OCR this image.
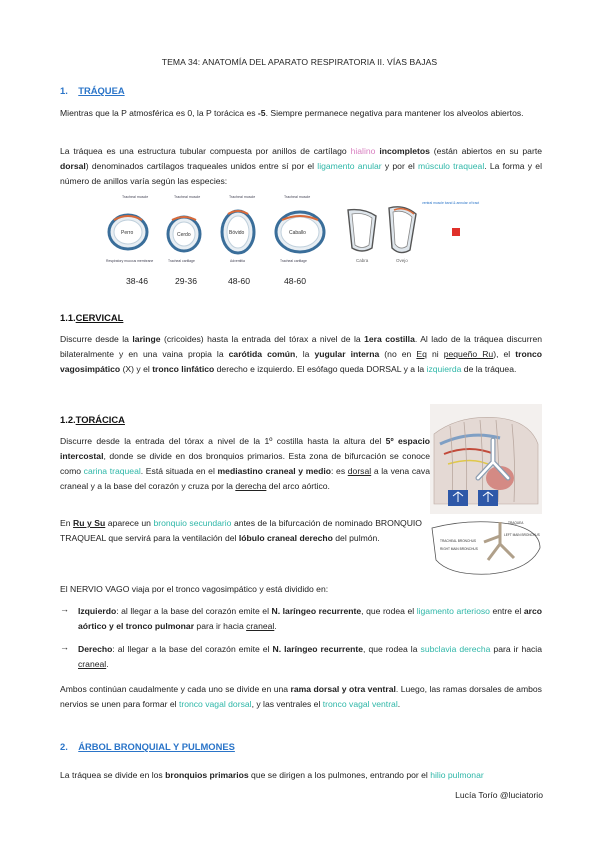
TEMA 34: ANATOMÍA DEL APARATO RESPIRATORIA II. VÍAS BAJAS
1. TRÁQUEA
Mientras que la P atmosférica es 0, la P torácica es -5. Siempre permanece negativa para mantener los alveolos abiertos.
La tráquea es una estructura tubular compuesta por anillos de cartílago hialino incompletos (están abiertos en su parte dorsal) denominados cartílagos traqueales unidos entre sí por el ligamento anular y por el músculo traqueal. La forma y el número de anillos varía según las especies:
Tracheal muscle	Tracheal muscle	Tracheal muscle	Tracheal muscle
Perro	Cerdo	Bóvido	Caballo
Cabra	Ovejo
ventral muscle band & annular of tract
Respiratory mucous membrane	Tracheal cartilage	Adventitia	Tracheal cartilage
38-46	29-36	48-60	48-60
1.1.CERVICAL
Discurre desde la laringe (cricoides) hasta la entrada del tórax a nivel de la 1era costilla. Al lado de la tráquea discurren bilateralmente y en una vaina propia la carótida común, la yugular interna (no en Eq ni pequeño Ru), el tronco vagosimpático (X) y el tronco linfático derecho e izquierdo. El esófago queda DORSAL y a la izquierda de la tráquea.
1.2.TORÁCICA
Discurre desde la entrada del tórax a nivel de la 1º costilla hasta la altura del 5º espacio intercostal, donde se divide en dos bronquios primarios. Esta zona de bifurcación se conoce como carina traqueal. Está situada en el mediastino craneal y medio: es dorsal a la vena cava craneal y a la base del corazón y cruza por la derecha del arco aórtico.
En Ru y Su aparece un bronquio secundario antes de la bifurcación de nominado BRONQUIO TRAQUEAL que servirá para la ventilación del lóbulo craneal derecho del pulmón.
TRAQUEA
LEFT MAIN BRONCHUS
TRACHEAL BRONCHUS
RIGHT MAIN BRONCHUS
El NERVIO VAGO viaja por el tronco vagosimpático y está dividido en:
→ Izquierdo: al llegar a la base del corazón emite el N. laríngeo recurrente, que rodea el ligamento arterioso entre el arco aórtico y el tronco pulmonar para ir hacia craneal.
→ Derecho: al llegar a la base del corazón emite el N. laríngeo recurrente, que rodea la subclavia derecha para ir hacia craneal.
Ambos continúan caudalmente y cada uno se divide en una rama dorsal y otra ventral. Luego, las ramas dorsales de ambos nervios se unen para formar el tronco vagal dorsal, y las ventrales el tronco vagal ventral.
2. ÁRBOL BRONQUIAL Y PULMONES
La tráquea se divide en los bronquios primarios que se dirigen a los pulmones, entrando por el hilio pulmonar
Lucía Torío @luciatorio
